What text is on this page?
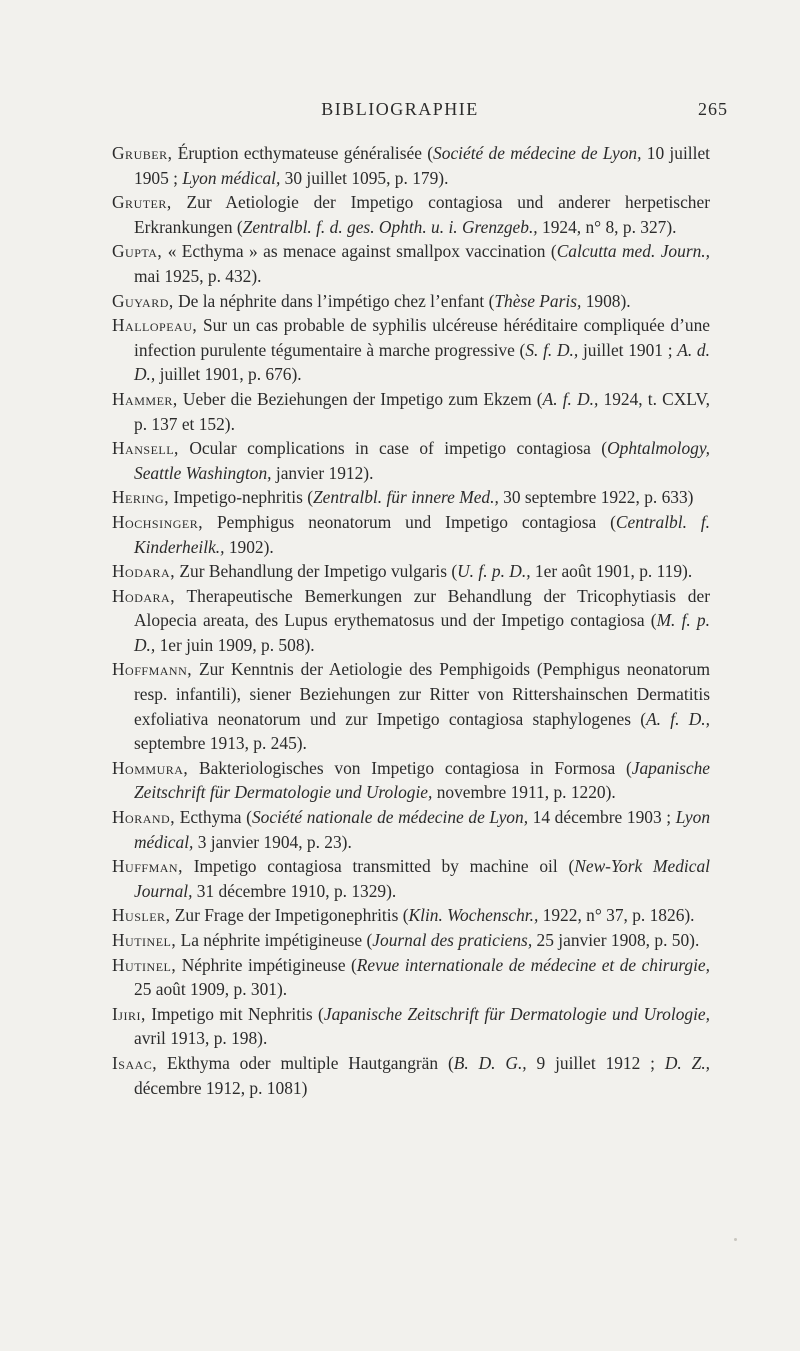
BIBLIOGRAPHIE	265

Gruber, Éruption ecthymateuse généralisée (Société de médecine de Lyon, 10 juillet 1905 ; Lyon médical, 30 juillet 1095, p. 179).

Gruter, Zur Aetiologie der Impetigo contagiosa und anderer herpetischer Erkrankungen (Zentralbl. f. d. ges. Ophth. u. i. Grenzgeb., 1924, n° 8, p. 327).

Gupta, « Ecthyma » as menace against smallpox vaccination (Calcutta med. Journ., mai 1925, p. 432).

Guyard, De la néphrite dans l’impétigo chez l’enfant (Thèse Paris, 1908).

Hallopeau, Sur un cas probable de syphilis ulcéreuse héréditaire compliquée d’une infection purulente tégumentaire à marche progressive (S. f. D., juillet 1901 ; A. d. D., juillet 1901, p. 676).

Hammer, Ueber die Beziehungen der Impetigo zum Ekzem (A. f. D., 1924, t. CXLV, p. 137 et 152).

Hansell, Ocular complications in case of impetigo contagiosa (Ophtalmology, Seattle Washington, janvier 1912).

Hering, Impetigo-nephritis (Zentralbl. für innere Med., 30 septembre 1922, p. 633)

Hochsinger, Pemphigus neonatorum und Impetigo contagiosa (Centralbl. f. Kinderheilk., 1902).

Hodara, Zur Behandlung der Impetigo vulgaris (U. f. p. D., 1er août 1901, p. 119).

Hodara, Therapeutische Bemerkungen zur Behandlung der Tricophytiasis der Alopecia areata, des Lupus erythematosus und der Impetigo contagiosa (M. f. p. D., 1er juin 1909, p. 508).

Hoffmann, Zur Kenntnis der Aetiologie des Pemphigoids (Pemphigus neonatorum resp. infantili), siener Beziehungen zur Ritter von Rittershainschen Dermatitis exfoliativa neonatorum und zur Impetigo contagiosa staphylogenes (A. f. D., septembre 1913, p. 245).

Hommura, Bakteriologisches von Impetigo contagiosa in Formosa (Japanische Zeitschrift für Dermatologie und Urologie, novembre 1911, p. 1220).

Horand, Ecthyma (Société nationale de médecine de Lyon, 14 décembre 1903 ; Lyon médical, 3 janvier 1904, p. 23).

Huffman, Impetigo contagiosa transmitted by machine oil (New-York Medical Journal, 31 décembre 1910, p. 1329).

Husler, Zur Frage der Impetigonephritis (Klin. Wochenschr., 1922, n° 37, p. 1826).

Hutinel, La néphrite impétigineuse (Journal des praticiens, 25 janvier 1908, p. 50).

Hutinel, Néphrite impétigineuse (Revue internationale de médecine et de chirurgie, 25 août 1909, p. 301).

Ijiri, Impetigo mit Nephritis (Japanische Zeitschrift für Dermatologie und Urologie, avril 1913, p. 198).

Isaac, Ekthyma oder multiple Hautgangrän (B. D. G., 9 juillet 1912 ; D. Z., décembre 1912, p. 1081)
